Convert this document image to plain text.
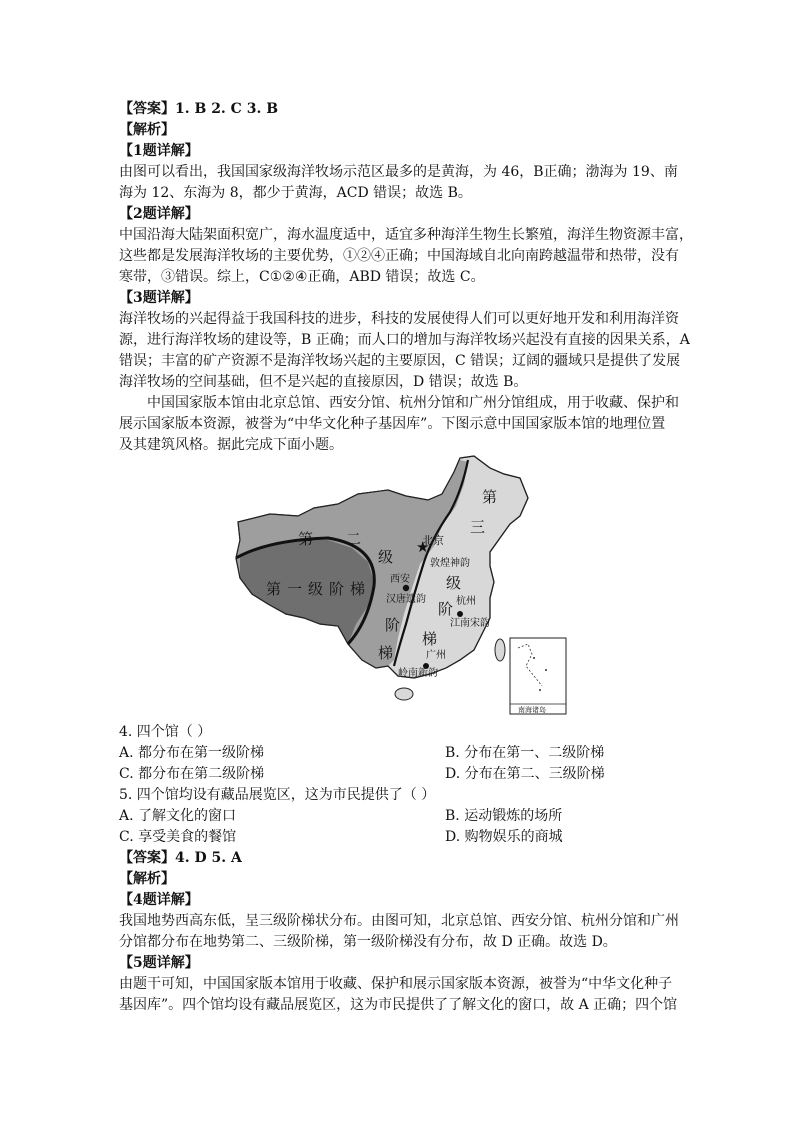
【答案】1. B 2. C 3. B
【解析】
【1题详解】
由图可以看出，我国国家级海洋牧场示范区最多的是黄海，为 46，B正确；渤海为 19、南
海为 12、东海为 8，都少于黄海，ACD 错误；故选 B。
【2题详解】
中国沿海大陆架面积宽广，海水温度适中，适宜多种海洋生物生长繁殖，海洋生物资源丰富，
这些都是发展海洋牧场的主要优势，①②④正确；中国海域自北向南跨越温带和热带，没有
寒带，③错误。综上，C①②④正确，ABD 错误；故选 C。
【3题详解】
海洋牧场的兴起得益于我国科技的进步，科技的发展使得人们可以更好地开发和利用海洋资
源，进行海洋牧场的建设等，B 正确；而人口的增加与海洋牧场兴起没有直接的因果关系，A
错误；丰富的矿产资源不是海洋牧场兴起的主要原因，C 错误；辽阔的疆域只是提供了发展
海洋牧场的空间基础，但不是兴起的直接原因，D 错误；故选 B。
中国国家版本馆由北京总馆、西安分馆、杭州分馆和广州分馆组成，用于收藏、保护和
展示国家版本资源，被誉为“中华文化种子基因库”。下图示意中国国家版本馆的地理位置
及其建筑风格。据此完成下面小题。
★
第 二
级
阶
梯
第一级阶梯
第
三
级
阶
梯
北京
敦煌神韵
西安
汉唐遗韵	杭州
江南宋韵
广州
岭南新韵
南海诸岛
4. 四个馆（ ）
A. 都分布在第一级阶梯	B. 分布在第一、二级阶梯
C. 都分布在第二级阶梯	D. 分布在第二、三级阶梯
5. 四个馆均设有藏品展览区，这为市民提供了（ ）
A. 了解文化的窗口	B. 运动锻炼的场所
C. 享受美食的餐馆	D. 购物娱乐的商城
【答案】4. D 5. A
【解析】
【4题详解】
我国地势西高东低，呈三级阶梯状分布。由图可知，北京总馆、西安分馆、杭州分馆和广州
分馆都分布在地势第二、三级阶梯，第一级阶梯没有分布，故 D 正确。故选 D。
【5题详解】
由题干可知，中国国家版本馆用于收藏、保护和展示国家版本资源，被誉为“中华文化种子
基因库”。四个馆均设有藏品展览区，这为市民提供了了解文化的窗口，故 A 正确；四个馆
